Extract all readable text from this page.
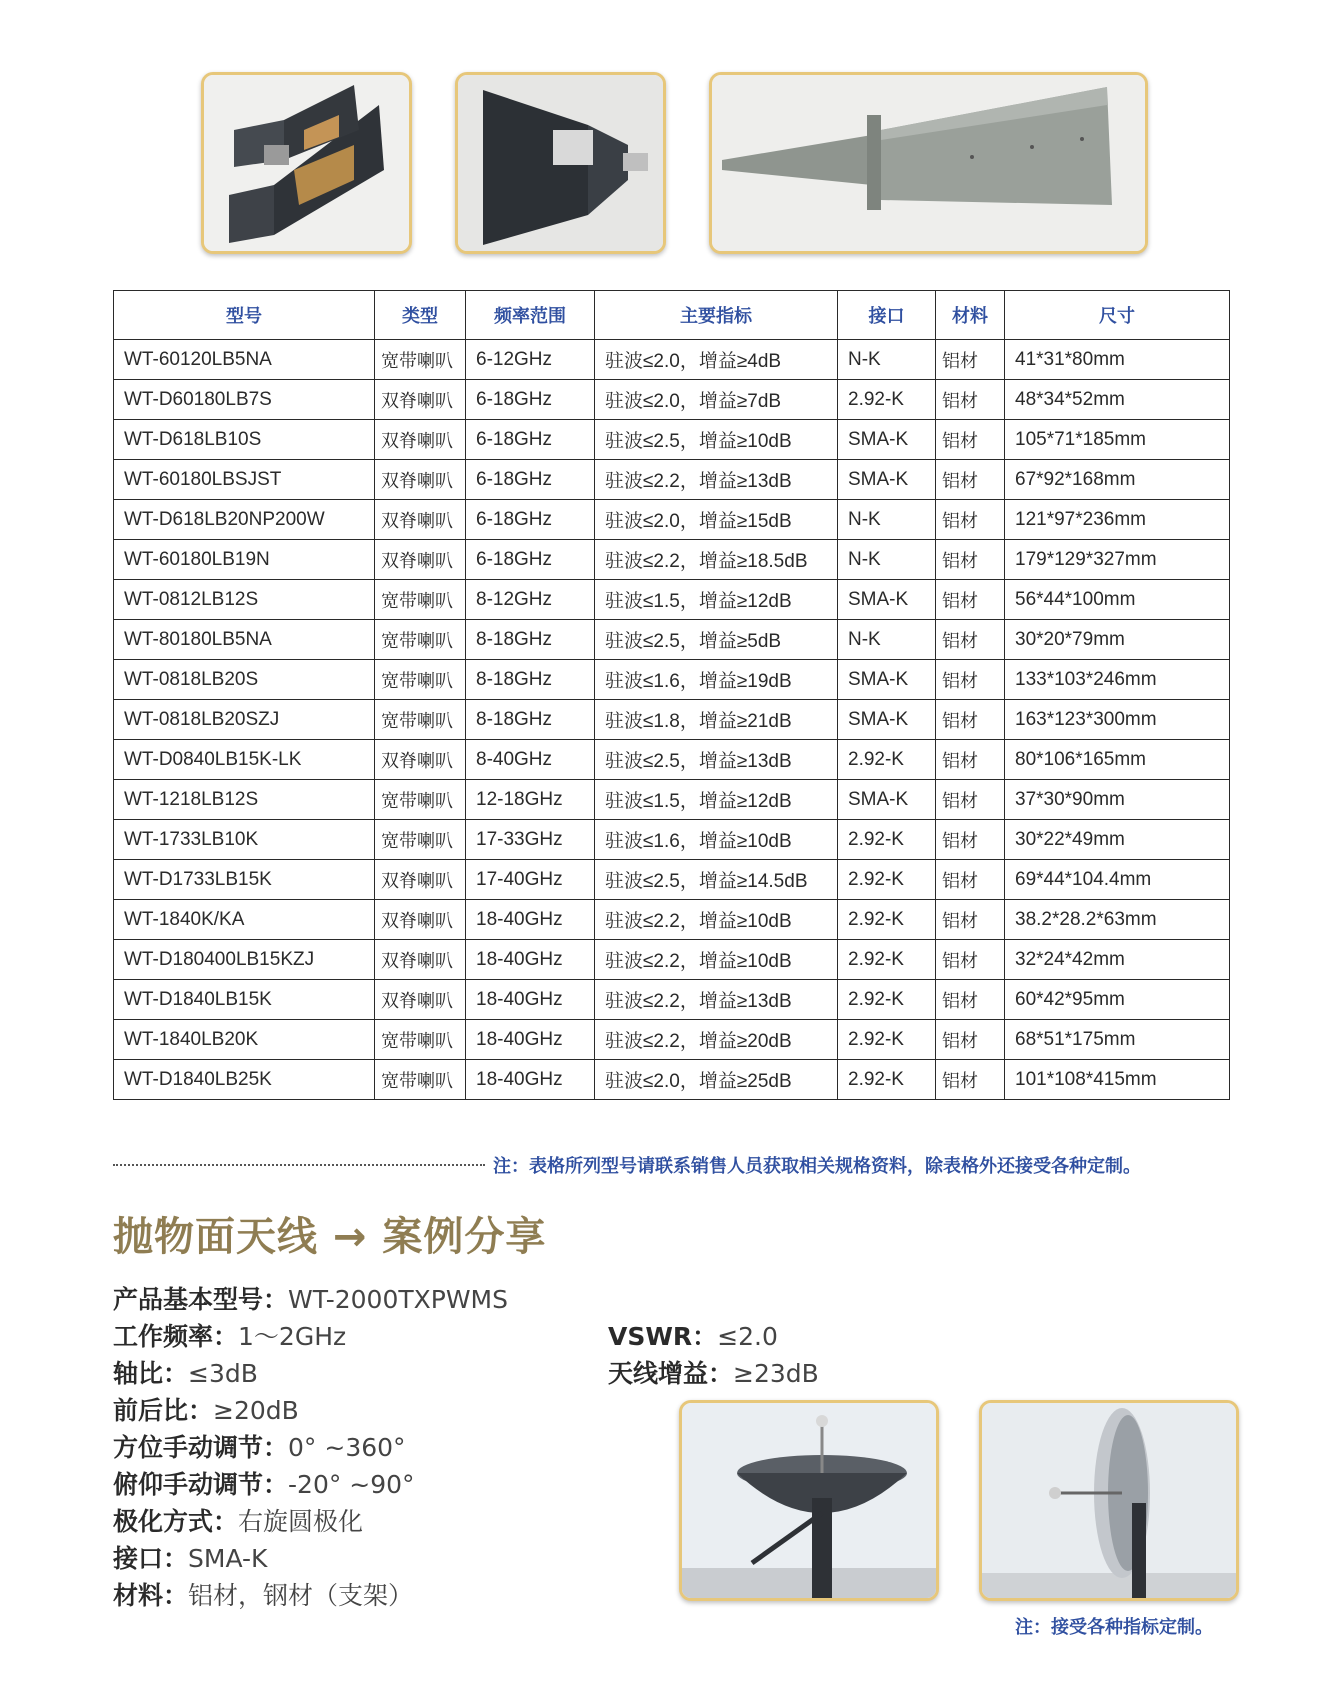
型号	类型	频率范围	主要指标	接口	材料	尺寸
WT-60120LB5NA	宽带喇叭	6-12GHz	驻波≤2.0，增益≥4dB	N-K	铝材	41*31*80mm
WT-D60180LB7S	双脊喇叭	6-18GHz	驻波≤2.0，增益≥7dB	2.92-K	铝材	48*34*52mm
WT-D618LB10S	双脊喇叭	6-18GHz	驻波≤2.5，增益≥10dB	SMA-K	铝材	105*71*185mm
WT-60180LBSJST	双脊喇叭	6-18GHz	驻波≤2.2，增益≥13dB	SMA-K	铝材	67*92*168mm
WT-D618LB20NP200W	双脊喇叭	6-18GHz	驻波≤2.0，增益≥15dB	N-K	铝材	121*97*236mm
WT-60180LB19N	双脊喇叭	6-18GHz	驻波≤2.2，增益≥18.5dB	N-K	铝材	179*129*327mm
WT-0812LB12S	宽带喇叭	8-12GHz	驻波≤1.5，增益≥12dB	SMA-K	铝材	56*44*100mm
WT-80180LB5NA	宽带喇叭	8-18GHz	驻波≤2.5，增益≥5dB	N-K	铝材	30*20*79mm
WT-0818LB20S	宽带喇叭	8-18GHz	驻波≤1.6，增益≥19dB	SMA-K	铝材	133*103*246mm
WT-0818LB20SZJ	宽带喇叭	8-18GHz	驻波≤1.8，增益≥21dB	SMA-K	铝材	163*123*300mm
WT-D0840LB15K-LK	双脊喇叭	8-40GHz	驻波≤2.5，增益≥13dB	2.92-K	铝材	80*106*165mm
WT-1218LB12S	宽带喇叭	12-18GHz	驻波≤1.5，增益≥12dB	SMA-K	铝材	37*30*90mm
WT-1733LB10K	宽带喇叭	17-33GHz	驻波≤1.6，增益≥10dB	2.92-K	铝材	30*22*49mm
WT-D1733LB15K	双脊喇叭	17-40GHz	驻波≤2.5，增益≥14.5dB	2.92-K	铝材	69*44*104.4mm
WT-1840K/KA	双脊喇叭	18-40GHz	驻波≤2.2，增益≥10dB	2.92-K	铝材	38.2*28.2*63mm
WT-D180400LB15KZJ	双脊喇叭	18-40GHz	驻波≤2.2，增益≥10dB	2.92-K	铝材	32*24*42mm
WT-D1840LB15K	双脊喇叭	18-40GHz	驻波≤2.2，增益≥13dB	2.92-K	铝材	60*42*95mm
WT-1840LB20K	宽带喇叭	18-40GHz	驻波≤2.2，增益≥20dB	2.92-K	铝材	68*51*175mm
WT-D1840LB25K	宽带喇叭	18-40GHz	驻波≤2.0，增益≥25dB	2.92-K	铝材	101*108*415mm
注：表格所列型号请联系销售人员获取相关规格资料，除表格外还接受各种定制。
抛物面天线 → 案例分享
产品基本型号：WT-2000TXPWMS
工作频率：1～2GHz
轴比：≤3dB
前后比：≥20dB
方位手动调节：0° ~360°
俯仰手动调节：-20° ~90°
极化方式：右旋圆极化
接口：SMA-K
材料：铝材，钢材（支架）
VSWR：≤2.0
天线增益：≥23dB
注：接受各种指标定制。
